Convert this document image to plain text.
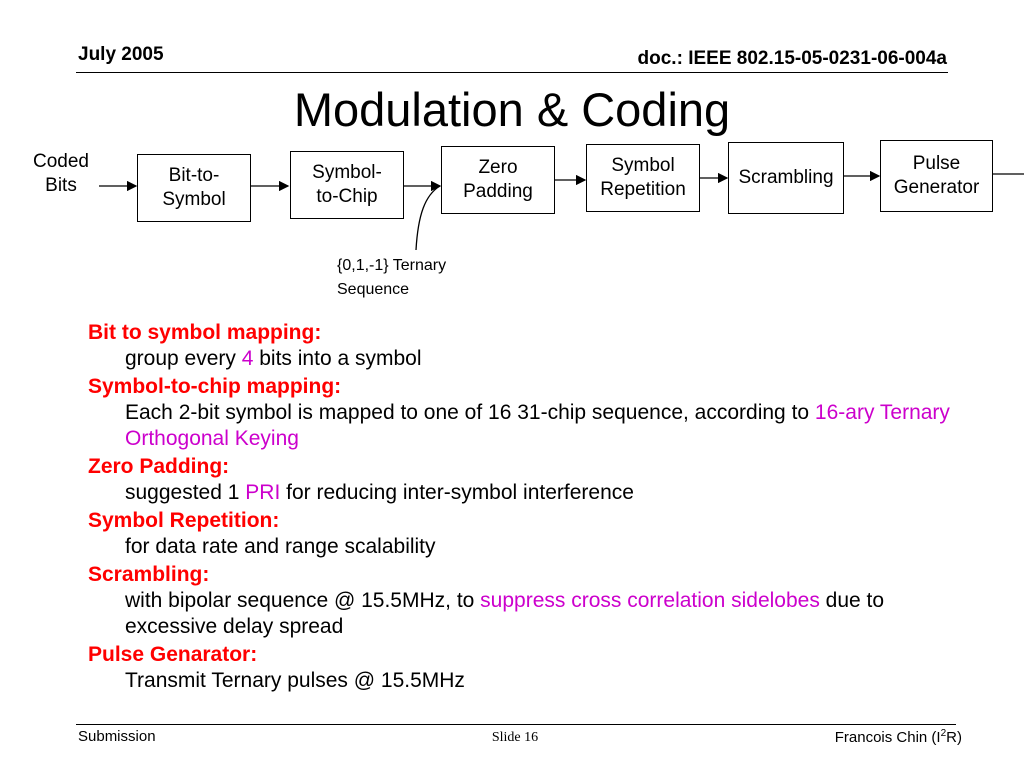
July 2005	doc.: IEEE 802.15-05-0231-06-004a
Modulation & Coding
Coded
Bits	Bit-to-
Symbol
Symbol-
to-Chip
Zero
Padding
Symbol
Repetition
Scrambling
Pulse
Generator
{0,1,-1} Ternary
Sequence
Bit to symbol mapping:
group every 4 bits into a symbol
Symbol-to-chip mapping:
Each 2-bit symbol is mapped to one of 16 31-chip sequence, according to 16-ary Ternary Orthogonal Keying
Zero Padding:
suggested 1 PRI for reducing inter-symbol interference
Symbol Repetition:
for data rate and range scalability
Scrambling:
with bipolar sequence @ 15.5MHz, to suppress cross correlation sidelobes due to excessive delay spread
Pulse Genarator:
Transmit Ternary pulses @ 15.5MHz
Submission	Slide 16	Francois Chin $(I^2R)$
